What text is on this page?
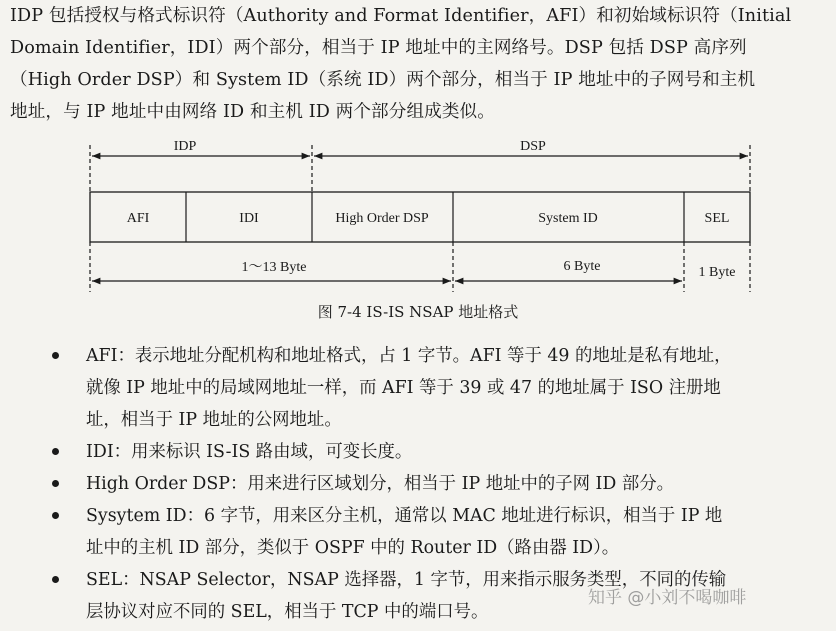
IDP 包括授权与格式标识符（Authority and Format Identifier，AFI）和初始域标识符（Initial
Domain Identifier，IDI）两个部分，相当于 IP 地址中的主网络号。DSP 包括 DSP 高序列
（High Order DSP）和 System ID（系统 ID）两个部分，相当于 IP 地址中的子网号和主机
地址，与 IP 地址中由网络 ID 和主机 ID 两个部分组成类似。
IDP	DSP
AFI	IDI	High Order DSP	System ID	SEL
1～13 Byte	6 Byte	1 Byte
图 7-4 IS-IS NSAP 地址格式
AFI：表示地址分配机构和地址格式，占 1 字节。AFI 等于 49 的地址是私有地址，
就像 IP 地址中的局域网地址一样，而 AFI 等于 39 或 47 的地址属于 ISO 注册地
址，相当于 IP 地址的公网地址。
IDI：用来标识 IS-IS 路由域，可变长度。
High Order DSP：用来进行区域划分，相当于 IP 地址中的子网 ID 部分。
Sysytem ID：6 字节，用来区分主机，通常以 MAC 地址进行标识，相当于 IP 地
址中的主机 ID 部分，类似于 OSPF 中的 Router ID（路由器 ID）。
SEL：NSAP Selector，NSAP 选择器，1 字节，用来指示服务类型，不同的传输
层协议对应不同的 SEL，相当于 TCP 中的端口号。
知乎 @小刘不喝咖啡
